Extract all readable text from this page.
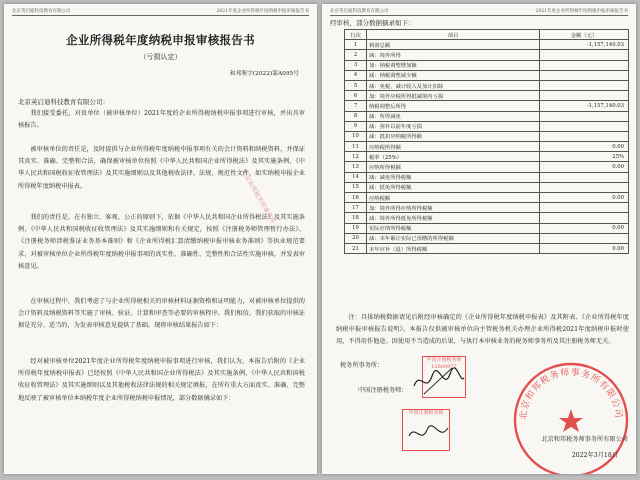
北京英启迪科技教育有限公司	2021年度企业所得税年度纳税申报审核报告书
企业所得税年度纳税申报审核报告书
（亏损认定）
和邦鉴字(2022)第A095号
北京英启迪科技教育有限公司：

我们接受委托，对贵单位（被审核单位）2021年度的企业所得税纳税申报事项进行审核，并出具审核报告。

被审核单位的责任是，及时提供与企业所得税年度纳税申报事项有关的会计资料和纳税资料，并保证其真实、准确、完整和合法，确保被审核单位按照《中华人民共和国企业所得税法》及其实施条例、《中华人民共和国税收征收管理法》及其实施细则以及其他税收法律、法规、规范性文件，如实纳税申报企业所得税年度纳税申报表。

我们的责任是，在有独立、客观、公正的原则下，依据《中华人民共和国企业所得税法》及其实施条例、《中华人民共和国税收征收管理法》及其实施细则和有关规定，按照《注册税务师管理暂行办法》、《注册税务师涉税鉴证业务基本准则》和《企业所得税汇算清缴纳税申报审核业务准则》等执业规范要求，对被审核单位企业所得税年度纳税申报事项的真实性、准确性、完整性和合法性实施审核，并发表审核意见。

在审核过程中，我们考虑了与企业所得税相关的审核材料证据资格和证明能力，对被审核单位提供的会计资料及纳税资料等实施了审核、验证、计算和审查等必要的审核程序。我们相信，我们获取的审核证据是充分、适当的，为发表审核意见提供了基础。现将审核结果报告如下：

经对被审核单位2021年度企业所得税年度纳税申报事项进行审核，我们认为，本报告后附的《企业所得税年度纳税申报表》已经按照《中华人民共和国企业所得税法》及其实施条例、《中华人民共和国税收征收管理法》及其实施细则以及其他税收法律法规的相关规定填报，在所有重大方面真实、准确、完整地反映了被审核单位本纳税年度企业所得税纳税申报情况，部分数据摘录如下：

北京和邦税务师事务所
北京英启迪科技教育有限公司	2021年度企业所得税年度纳税申报审核报告书
经审核，部分数据摘录如下：
行次	项目	金额（元）
1	利润总额	-1,157,140.03
2	减：境外所得	
3	加：纳税调整增加额	
4	减：纳税调整减少额	
5	减：免税、减计收入及加计扣除	
6	加：境外应税所得抵减境内亏损	
7	纳税调整后所得	-1,157,140.03
8	减：所得减免	
9	减：弥补以前年度亏损	
10	减：抵扣应纳税所得额	
11	应纳税所得额	0.00
12	税率（25%）	25%
13	应纳所得税额	0.00
14	减：减免所得税额	
15	减：抵免所得税额	
16	应纳税额	0.00
17	加：境外所得应纳所得税额	
18	减：境外所得抵免所得税额	
19	实际应纳所得税额	0.00
20	减：本年累计实际已预缴的所得税额	
21	本年应补（退）所得税额	0.00

注：具体纳税数据请见后附经审核确定的《企业所得税年度纳税申报表》及其附表、《企业所得税年度纳税申报审核报告说明》。本报告仅供被审核单位向主管税务机关办理企业所得税2021年度纳税申报时使用，不得用作他途。因使用不当造成的后果，与执行本审核业务的税务师事务所及其注册税务师无关。

税务所事务所：
中国注册税务师：
中国注册税务师 12600977
中国注册税务师	北京和邦税务师事务所有限公司
北京和邦税务师事务所有限公司
2022年3月18日
